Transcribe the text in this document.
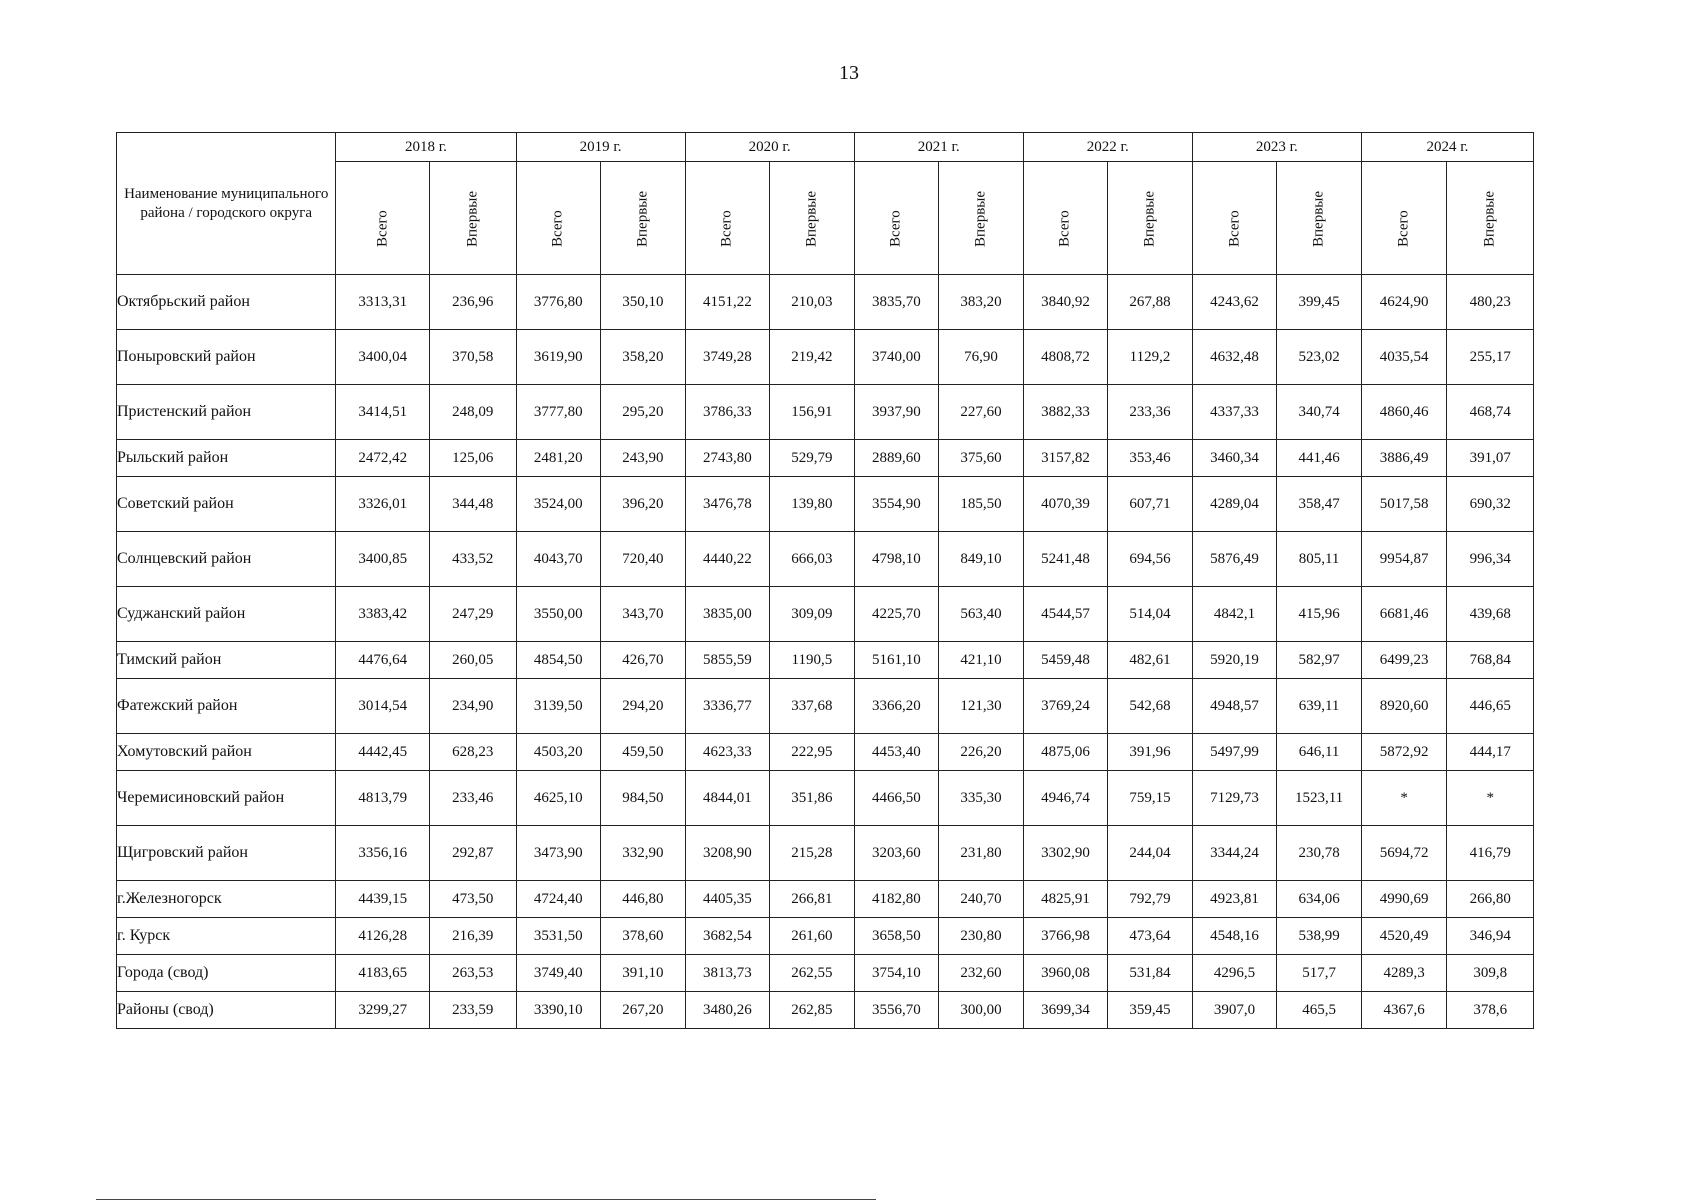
13
Наименование муниципального района / городского округа	2018 г.		2019 г.		2020 г.		2021 г.		2022 г.		2023 г.		2024 г.	

	Всего	Впервые	Всего	Впервые	Всего	Впервые	Всего	Впервые	Всего	Впервые	Всего	Впервые	Всего	Впервые

Октябрьский район	3313,31	236,96	3776,80	350,10	4151,22	210,03	3835,70	383,20	3840,92	267,88	4243,62	399,45	4624,90	480,23
Поныровский район	3400,04	370,58	3619,90	358,20	3749,28	219,42	3740,00	76,90	4808,72	1129,2	4632,48	523,02	4035,54	255,17
Пристенский район	3414,51	248,09	3777,80	295,20	3786,33	156,91	3937,90	227,60	3882,33	233,36	4337,33	340,74	4860,46	468,74
Рыльский район	2472,42	125,06	2481,20	243,90	2743,80	529,79	2889,60	375,60	3157,82	353,46	3460,34	441,46	3886,49	391,07
Советский район	3326,01	344,48	3524,00	396,20	3476,78	139,80	3554,90	185,50	4070,39	607,71	4289,04	358,47	5017,58	690,32
Солнцевский район	3400,85	433,52	4043,70	720,40	4440,22	666,03	4798,10	849,10	5241,48	694,56	5876,49	805,11	9954,87	996,34
Суджанский район	3383,42	247,29	3550,00	343,70	3835,00	309,09	4225,70	563,40	4544,57	514,04	4842,1	415,96	6681,46	439,68
Тимский район	4476,64	260,05	4854,50	426,70	5855,59	1190,5	5161,10	421,10	5459,48	482,61	5920,19	582,97	6499,23	768,84
Фатежский район	3014,54	234,90	3139,50	294,20	3336,77	337,68	3366,20	121,30	3769,24	542,68	4948,57	639,11	8920,60	446,65
Хомутовский район	4442,45	628,23	4503,20	459,50	4623,33	222,95	4453,40	226,20	4875,06	391,96	5497,99	646,11	5872,92	444,17
Черемисиновский район	4813,79	233,46	4625,10	984,50	4844,01	351,86	4466,50	335,30	4946,74	759,15	7129,73	1523,11	*	*
Щигровский район	3356,16	292,87	3473,90	332,90	3208,90	215,28	3203,60	231,80	3302,90	244,04	3344,24	230,78	5694,72	416,79
г.Железногорск	4439,15	473,50	4724,40	446,80	4405,35	266,81	4182,80	240,70	4825,91	792,79	4923,81	634,06	4990,69	266,80
г. Курск	4126,28	216,39	3531,50	378,60	3682,54	261,60	3658,50	230,80	3766,98	473,64	4548,16	538,99	4520,49	346,94
Города (свод)	4183,65	263,53	3749,40	391,10	3813,73	262,55	3754,10	232,60	3960,08	531,84	4296,5	517,7	4289,3	309,8
Районы (свод)	3299,27	233,59	3390,10	267,20	3480,26	262,85	3556,70	300,00	3699,34	359,45	3907,0	465,5	4367,6	378,6
